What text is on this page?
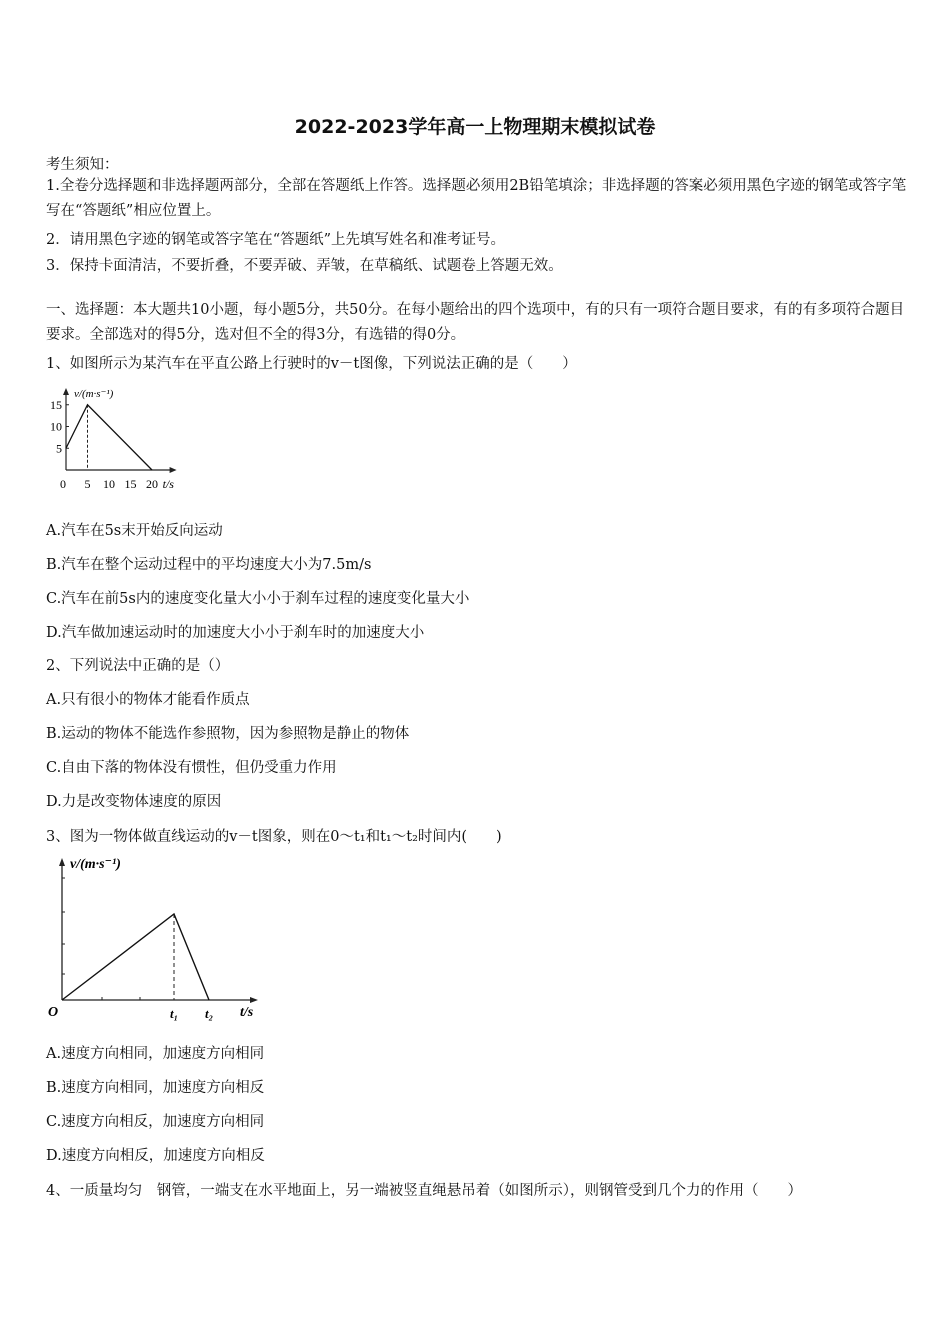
2022-2023学年高一上物理期末模拟试卷
考生须知：
1.全卷分选择题和非选择题两部分，全部在答题纸上作答。选择题必须用2B铅笔填涂；非选择题的答案必须用黑色字迹的钢笔或答字笔写在“答题纸”相应位置上。
2．请用黑色字迹的钢笔或答字笔在“答题纸”上先填写姓名和准考证号。
3．保持卡面清洁，不要折叠，不要弄破、弄皱，在草稿纸、试题卷上答题无效。
一、选择题：本大题共10小题，每小题5分，共50分。在每小题给出的四个选项中，有的只有一项符合题目要求，有的有多项符合题目要求。全部选对的得5分，选对但不全的得3分，有选错的得0分。
1、如图所示为某汽车在平直公路上行驶时的v－t图像，下列说法正确的是（　　）
v/(m·s⁻¹)
t/s
5
10
15
0 5 10 15 20
A.汽车在5s末开始反向运动
B.汽车在整个运动过程中的平均速度大小为7.5m/s
C.汽车在前5s内的速度变化量大小小于刹车过程的速度变化量大小
D.汽车做加速运动时的加速度大小小于刹车时的加速度大小
2、下列说法中正确的是（）
A.只有很小的物体才能看作质点
B.运动的物体不能选作参照物，因为参照物是静止的物体
C.自由下落的物体没有惯性，但仍受重力作用
D.力是改变物体速度的原因
3、图为一物体做直线运动的v－t图象，则在0～t₁和t₁～t₂时间内(　　)
v/(m·s⁻¹)
t/s
O	t₁ t₂
A.速度方向相同，加速度方向相同
B.速度方向相同，加速度方向相反
C.速度方向相反，加速度方向相同
D.速度方向相反，加速度方向相反
4、一质量均匀　钢管，一端支在水平地面上，另一端被竖直绳悬吊着（如图所示），则钢管受到几个力的作用（　　）
